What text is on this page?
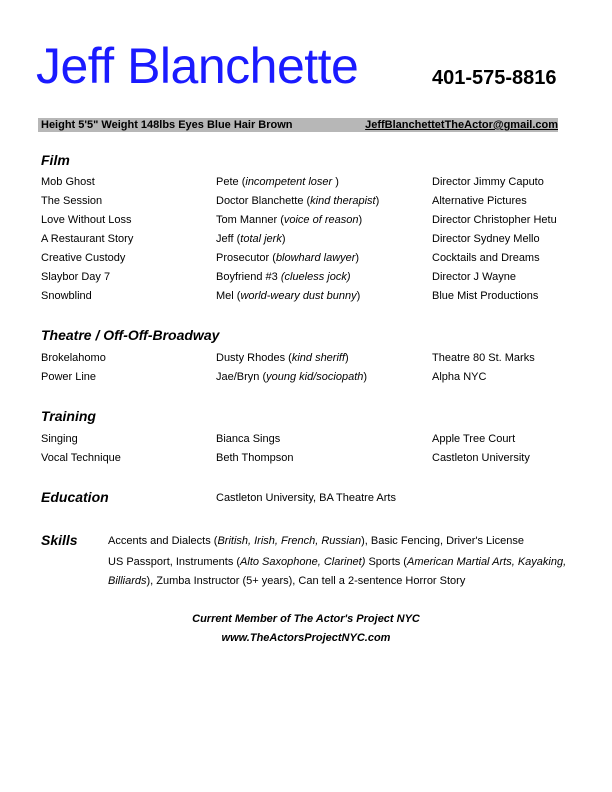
Jeff Blanchette	401-575-8816
Height 5'5" Weight 148lbs Eyes Blue Hair Brown	JeffBlanchettetTheActor@gmail.com
Film
Mob Ghost	Pete (incompetent loser )	Director Jimmy Caputo
The Session	Doctor Blanchette (kind therapist)	Alternative Pictures
Love Without Loss	Tom Manner (voice of reason)	Director Christopher Hetu
A Restaurant Story	Jeff (total jerk)	Director Sydney Mello
Creative Custody	Prosecutor (blowhard lawyer)	Cocktails and Dreams
Slaybor Day 7	Boyfriend #3 (clueless jock)	Director J Wayne
Snowblind	Mel (world-weary dust bunny)	Blue Mist Productions
Theatre / Off-Off-Broadway
Brokelahomo	Dusty Rhodes (kind sheriff)	Theatre 80 St. Marks
Power Line	Jae/Bryn (young kid/sociopath)	Alpha NYC
Training
Singing	Bianca Sings	Apple Tree Court
Vocal Technique	Beth Thompson	Castleton University
Education	Castleton University, BA Theatre Arts
Skills	Accents and Dialects (British, Irish, French, Russian), Basic Fencing, Driver's License
US Passport, Instruments (Alto Saxophone, Clarinet) Sports (American Martial Arts, Kayaking,
Billiards), Zumba Instructor (5+ years), Can tell a 2-sentence Horror Story
Current Member of The Actor's Project NYC
www.TheActorsProjectNYC.com
